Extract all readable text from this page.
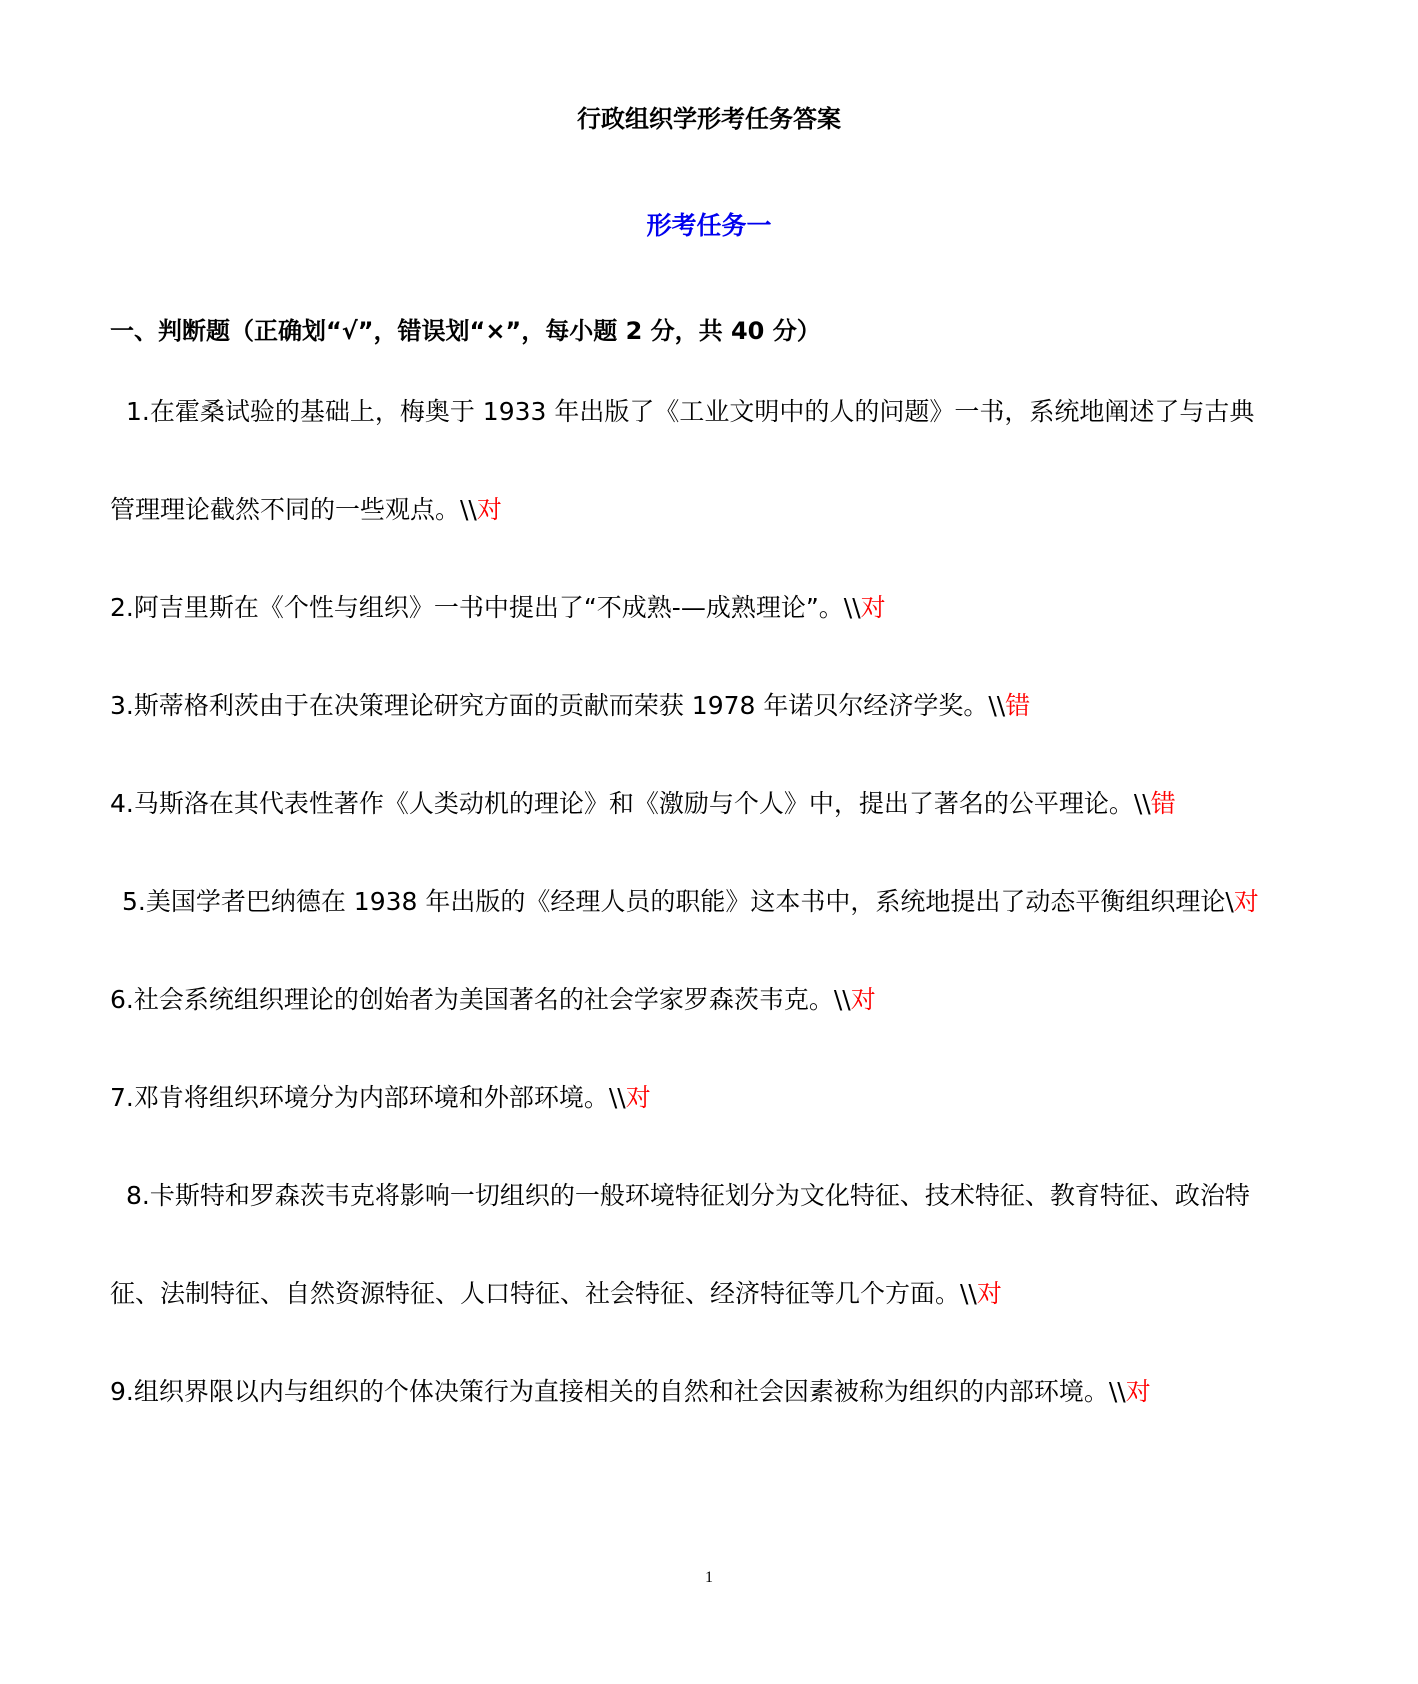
行政组织学形考任务答案
形考任务一
一、判断题（正确划“√”，错误划“×”，每小题 2 分，共 40 分）
1.在霍桑试验的基础上，梅奥于 1933 年出版了《工业文明中的人的问题》一书，系统地阐述了与古典
管理理论截然不同的一些观点。\\对
2.阿吉里斯在《个性与组织》一书中提出了“不成熟-—成熟理论”。\\对
3.斯蒂格利茨由于在决策理论研究方面的贡献而荣获 1978 年诺贝尔经济学奖。\\错
4.马斯洛在其代表性著作《人类动机的理论》和《激励与个人》中，提出了著名的公平理论。\\错
5.美国学者巴纳德在 1938 年出版的《经理人员的职能》这本书中，系统地提出了动态平衡组织理论\对
6.社会系统组织理论的创始者为美国著名的社会学家罗森茨韦克。\\对
7.邓肯将组织环境分为内部环境和外部环境。\\对
8.卡斯特和罗森茨韦克将影响一切组织的一般环境特征划分为文化特征、技术特征、教育特征、政治特
征、法制特征、自然资源特征、人口特征、社会特征、经济特征等几个方面。\\对
9.组织界限以内与组织的个体决策行为直接相关的自然和社会因素被称为组织的内部环境。\\对
1
